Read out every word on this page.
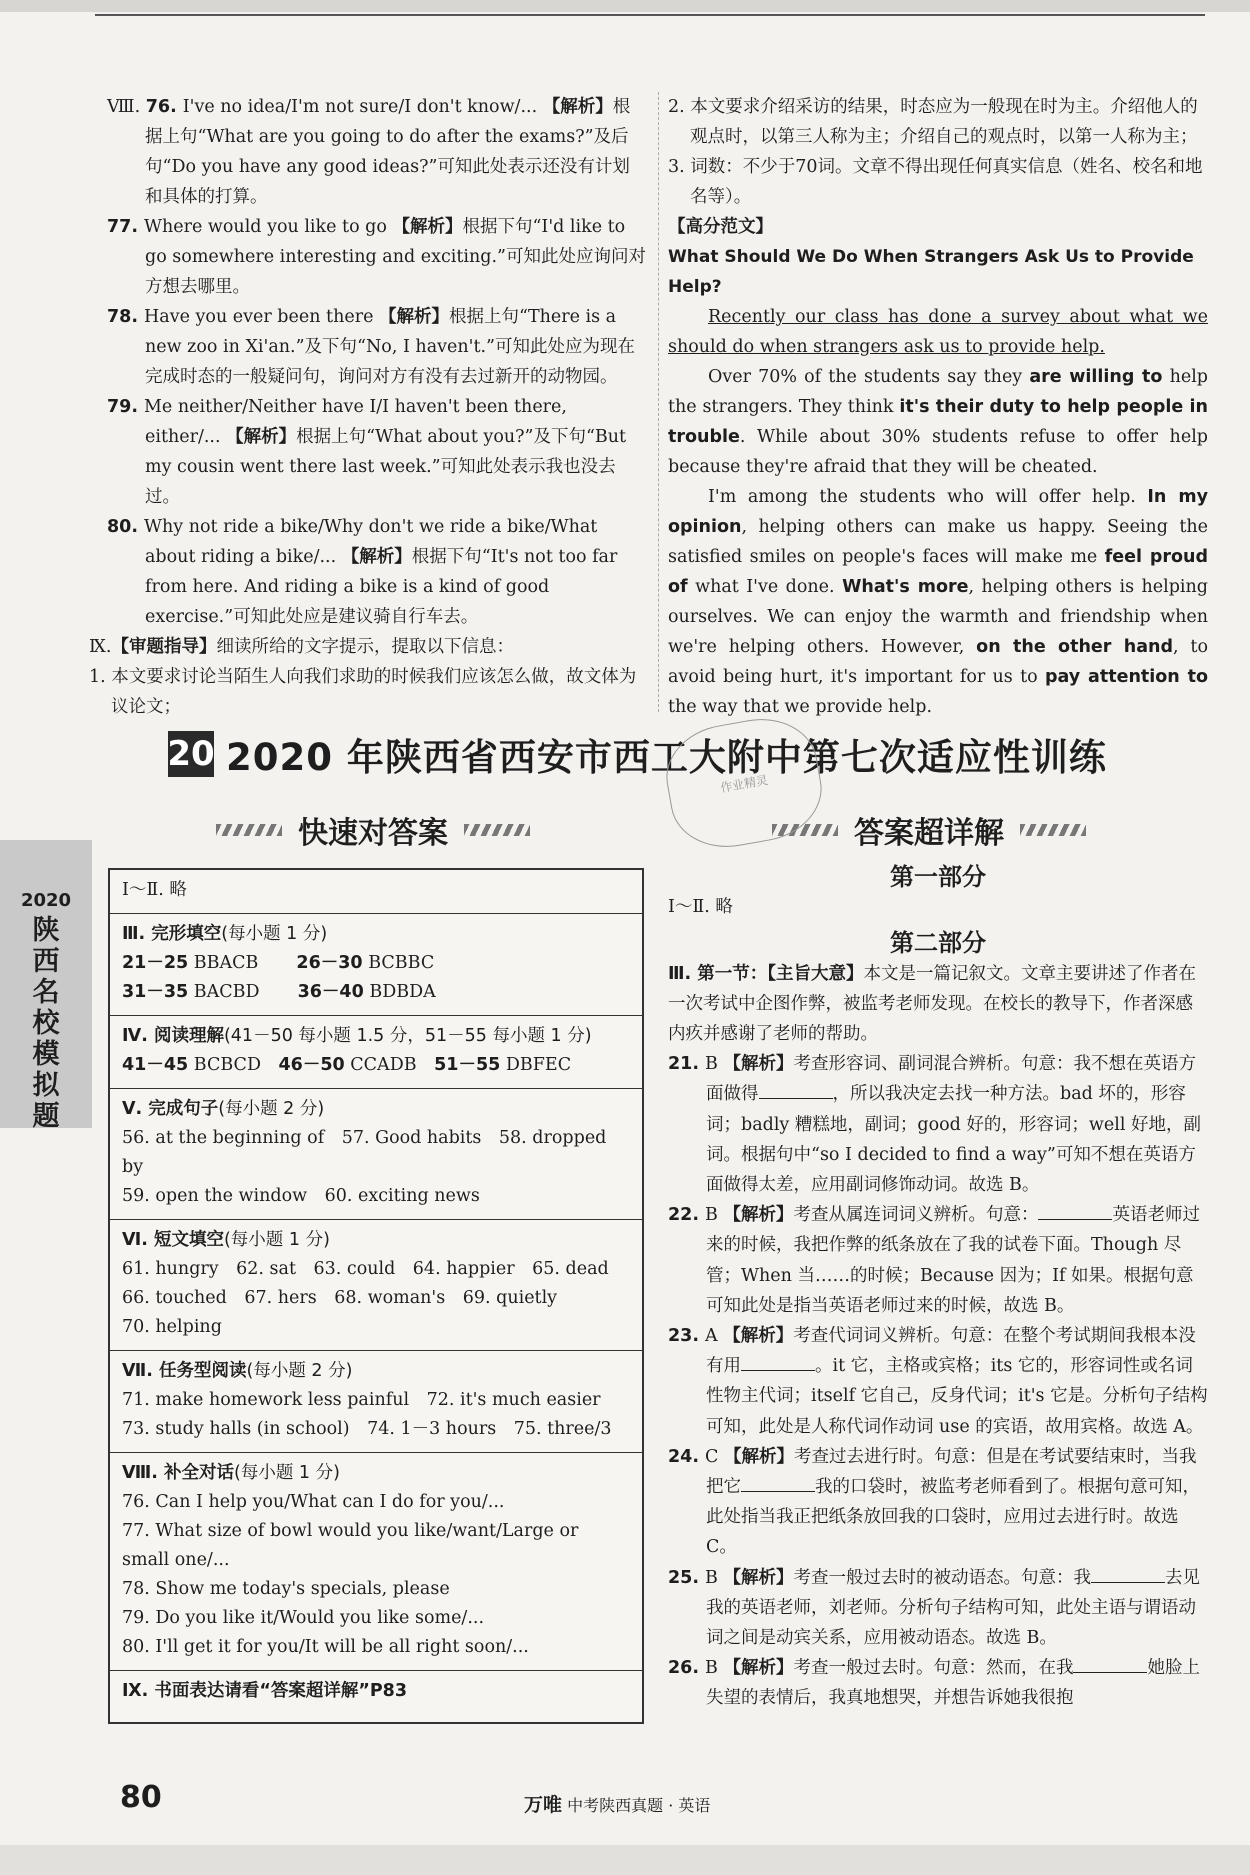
Ⅷ. 76. I've no idea/I'm not sure/I don't know/... 【解析】根据上句“What are you going to do after the exams?”及后句“Do you have any good ideas?”可知此处表示还没有计划和具体的打算。

77. Where would you like to go 【解析】根据下句“I'd like to go somewhere interesting and exciting.”可知此处应询问对方想去哪里。

78. Have you ever been there 【解析】根据上句“There is a new zoo in Xi'an.”及下句“No, I haven't.”可知此处应为现在完成时态的一般疑问句，询问对方有没有去过新开的动物园。

79. Me neither/Neither have I/I haven't been there, either/... 【解析】根据上句“What about you?”及下句“But my cousin went there last week.”可知此处表示我也没去过。

80. Why not ride a bike/Why don't we ride a bike/What about riding a bike/... 【解析】根据下句“It's not too far from here. And riding a bike is a kind of good exercise.”可知此处应是建议骑自行车去。

Ⅸ.【审题指导】细读所给的文字提示，提取以下信息：

1. 本文要求讨论当陌生人向我们求助的时候我们应该怎么做，故文体为议论文；

2. 本文要求介绍采访的结果，时态应为一般现在时为主。介绍他人的观点时，以第三人称为主；介绍自己的观点时，以第一人称为主；

3. 词数：不少于70词。文章不得出现任何真实信息（姓名、校名和地名等）。

【高分范文】

What Should We Do When Strangers Ask Us to Provide Help?

Recently our class has done a survey about what we should do when strangers ask us to provide help.

Over 70% of the students say they are willing to help the strangers. They think it's their duty to help people in trouble. While about 30% students refuse to offer help because they're afraid that they will be cheated.

I'm among the students who will offer help. In my opinion, helping others can make us happy. Seeing the satisfied smiles on people's faces will make me feel proud of what I've done. What's more, helping others is helping ourselves. We can enjoy the warmth and friendship when we're helping others. However, on the other hand, to avoid being hurt, it's important for us to pay attention to the way that we provide help.

20 2020 年陕西省西安市西工大附中第七次适应性训练
快速对答案	答案超详解
作业精灵
2020
陕西名校模拟题

Ⅰ～Ⅱ. 略

Ⅲ. 完形填空(每小题 1 分)

21－25 BBACB 26－30 BCBBC

31－35 BACBD 36－40 BDBDA

Ⅳ. 阅读理解(41－50 每小题 1.5 分，51－55 每小题 1 分)

41－45 BCBCD　 46－50 CCADB　 51－55 DBFEC

Ⅴ. 完成句子(每小题 2 分)

56. at the beginning of　57. Good habits　58. dropped by

59. open the window　60. exciting news

Ⅵ. 短文填空(每小题 1 分)

61. hungry　62. sat　63. could　64. happier　65. dead

66. touched　67. hers　68. woman's　69. quietly

70. helping

Ⅶ. 任务型阅读(每小题 2 分)

71. make homework less painful　72. it's much easier

73. study halls (in school)　74. 1－3 hours　75. three/3

Ⅷ. 补全对话(每小题 1 分)

76. Can I help you/What can I do for you/...

77. What size of bowl would you like/want/Large or small one/...

78. Show me today's specials, please

79. Do you like it/Would you like some/...

80. I'll get it for you/It will be all right soon/...

Ⅸ. 书面表达请看“答案超详解”P83

第一部分

Ⅰ～Ⅱ. 略

第二部分

Ⅲ. 第一节：【主旨大意】本文是一篇记叙文。文章主要讲述了作者在一次考试中企图作弊，被监考老师发现。在校长的教导下，作者深感内疚并感谢了老师的帮助。

21. B 【解析】考查形容词、副词混合辨析。句意：我不想在英语方面做得	，所以我决定去找一种方法。bad 坏的，形容词；badly 糟糕地，副词；good 好的，形容词；well 好地，副词。根据句中“so I decided to find a way”可知不想在英语方面做得太差，应用副词修饰动词。故选 B。

22. B 【解析】考查从属连词词义辨析。句意：	英语老师过来的时候，我把作弊的纸条放在了我的试卷下面。Though 尽管；When 当……的时候；Because 因为；If 如果。根据句意可知此处是指当英语老师过来的时候，故选 B。

23. A 【解析】考查代词词义辨析。句意：在整个考试期间我根本没有用	。it 它，主格或宾格；its 它的，形容词性或名词性物主代词；itself 它自己，反身代词；it's 它是。分析句子结构可知，此处是人称代词作动词 use 的宾语，故用宾格。故选 A。

24. C 【解析】考查过去进行时。句意：但是在考试要结束时，当我把它	我的口袋时，被监考老师看到了。根据句意可知，此处指当我正把纸条放回我的口袋时，应用过去进行时。故选 C。

25. B 【解析】考查一般过去时的被动语态。句意：我	去见我的英语老师，刘老师。分析句子结构可知，此处主语与谓语动词之间是动宾关系，应用被动语态。故选 B。

26. B 【解析】考查一般过去时。句意：然而，在我	她脸上失望的表情后，我真地想哭，并想告诉她我很抱

80	万唯 中考陕西真题 · 英语
